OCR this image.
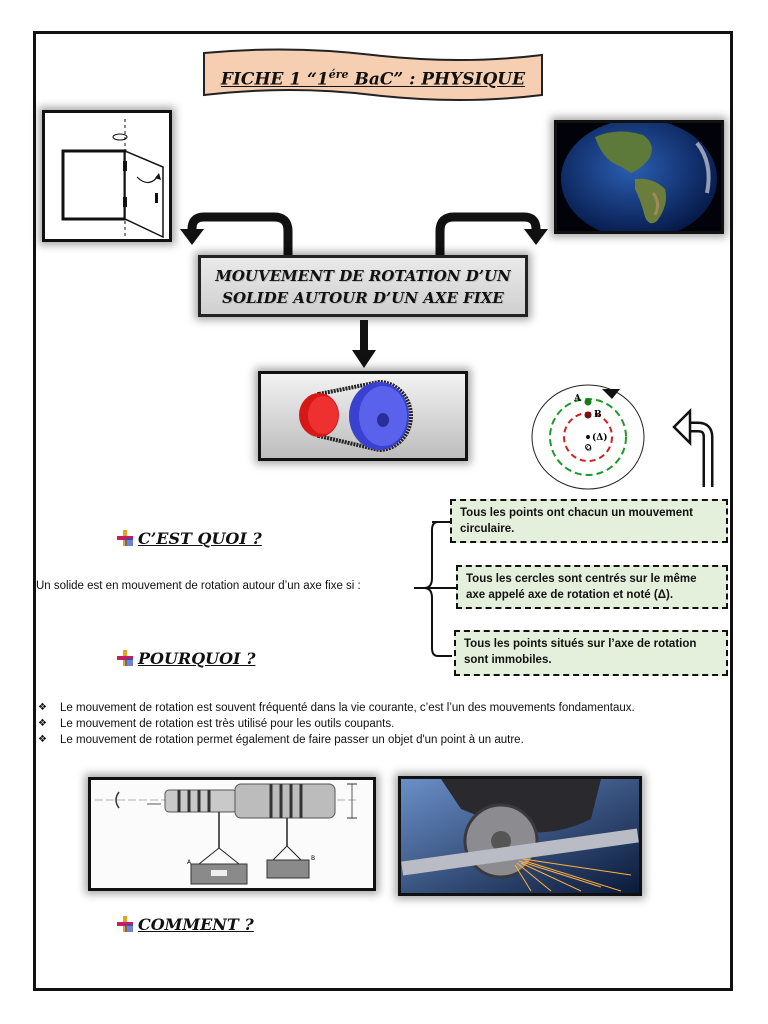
FICHE 1 “$1^{ére}$ BaC” : PHYSIQUE
MOUVEMENT DE ROTATION D’UN
SOLIDE AUTOUR D’UN AXE FIXE
A
B
(Δ)
O
C’EST QUOI ?
Un solide est en mouvement de rotation autour d’un axe fixe si :
Tous les points ont chacun un mouvement circulaire.
Tous les cercles sont centrés sur le même axe appelé axe de rotation et noté (Δ).
Tous les points situés sur l’axe de rotation sont immobiles.
POURQUOI ?
❖ Le mouvement de rotation est souvent fréquenté dans la vie courante, c’est l’un des mouvements fondamentaux.
❖ Le mouvement de rotation est très utilisé pour les outils coupants.
❖ Le mouvement de rotation permet également de faire passer un objet d'un point à un autre.
A
B
COMMENT ?
